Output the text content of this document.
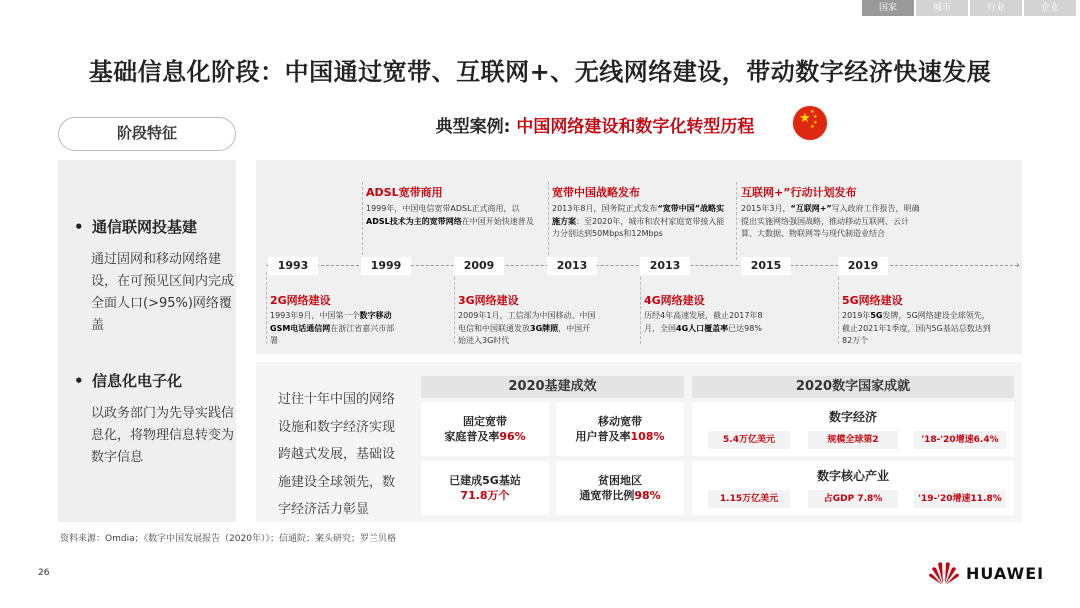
国家	城市	行业	企业
基础信息化阶段：中国通过宽带、互联网+、无线网络建设，带动数字经济快速发展
阶段特征
• 通信联网投基建
通过固网和移动网络建设，在可预见区间内完成全面人口(>95%)网络覆盖
• 信息化电子化
以政务部门为先导实践信息化，将物理信息转变为数字信息
典型案例: 中国网络建设和数字化转型历程	★ ★
★
★
★
›
1993	1999	2009	2013	2013	2015	2019
ADSL宽带商用
1999年，中国电信宽带ADSL正式商用，以ADSL技术为主的宽带网络在中国开始快速普及
宽带中国战略发布
2013年8月，国务院正式发布“宽带中国”战略实施方案：至2020年，城市和农村家庭宽带接入能力分别达到50Mbps和12Mbps
互联网+”行动计划发布
2015年3月，“互联网+”写入政府工作报告，明确提出实施网络强国战略，推动移动互联网、云计算、大数据、物联网等与现代制造业结合
2G网络建设
1993年9月，中国第一个数字移动GSM电话通信网在浙江省嘉兴市部署
3G网络建设
2009年1月，工信部为中国移动、中国电信和中国联通发放3G牌照，中国开始进入3G时代
4G网络建设
历经4年高速发展，截止2017年8月，全国4G人口覆盖率已达98%
5G网络建设
2019年5G发牌，5G网络建设全球领先，截止2021年1季度，国内5G基站总数达到82万个
过往十年中国的网络设施和数字经济实现跨越式发展，基础设施建设全球领先，数字经济活力彰显
2020基建成效
固定宽带
家庭普及率96%
移动宽带
用户普及率108%
已建成5G基站
71.8万个
贫困地区
通宽带比例98%
2020数字国家成就
数字经济
5.4万亿美元	规模全球第2	'18-'20增速6.4%
数字核心产业
1.15万亿美元	占GDP 7.8%	'19-'20增速11.8%
资料来源：Omdia；《数字中国发展报告（2020年）》；信通院；案头研究；罗兰贝格
26	HUAWEI
